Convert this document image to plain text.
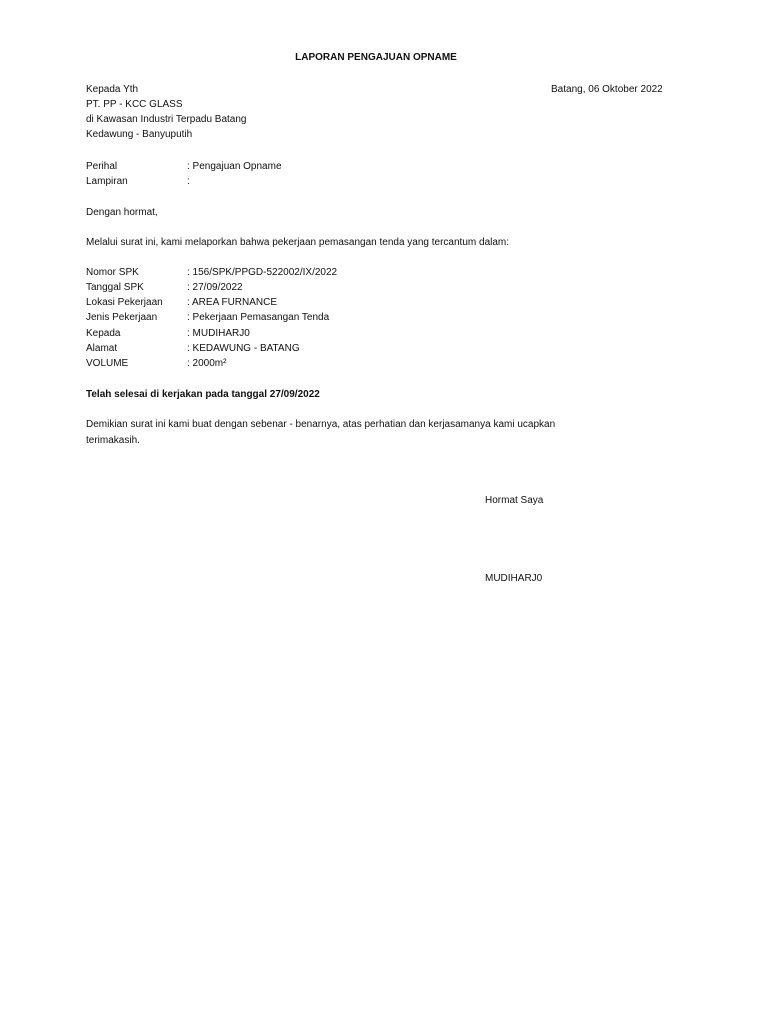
LAPORAN PENGAJUAN OPNAME
Kepada Yth
PT. PP - KCC GLASS
di Kawasan Industri Terpadu Batang
Kedawung - Banyuputih
Batang, 06 Oktober 2022
Perihal	: Pengajuan Opname
Lampiran	:
Dengan hormat,
Melalui surat ini, kami melaporkan bahwa pekerjaan pemasangan tenda yang tercantum dalam:
Nomor SPK	: 156/SPK/PPGD-522002/IX/2022
Tanggal SPK	: 27/09/2022
Lokasi Pekerjaan : AREA FURNANCE
Jenis Pekerjaan	: Pekerjaan Pemasangan Tenda
Kepada	: MUDIHARJ0
Alamat	: KEDAWUNG - BATANG
VOLUME	: 2000m²
Telah selesai di kerjakan pada tanggal 27/09/2022
Demikian surat ini kami buat dengan sebenar - benarnya, atas perhatian dan kerjasamanya kami ucapkan terimakasih.
Hormat Saya
MUDIHARJ0
